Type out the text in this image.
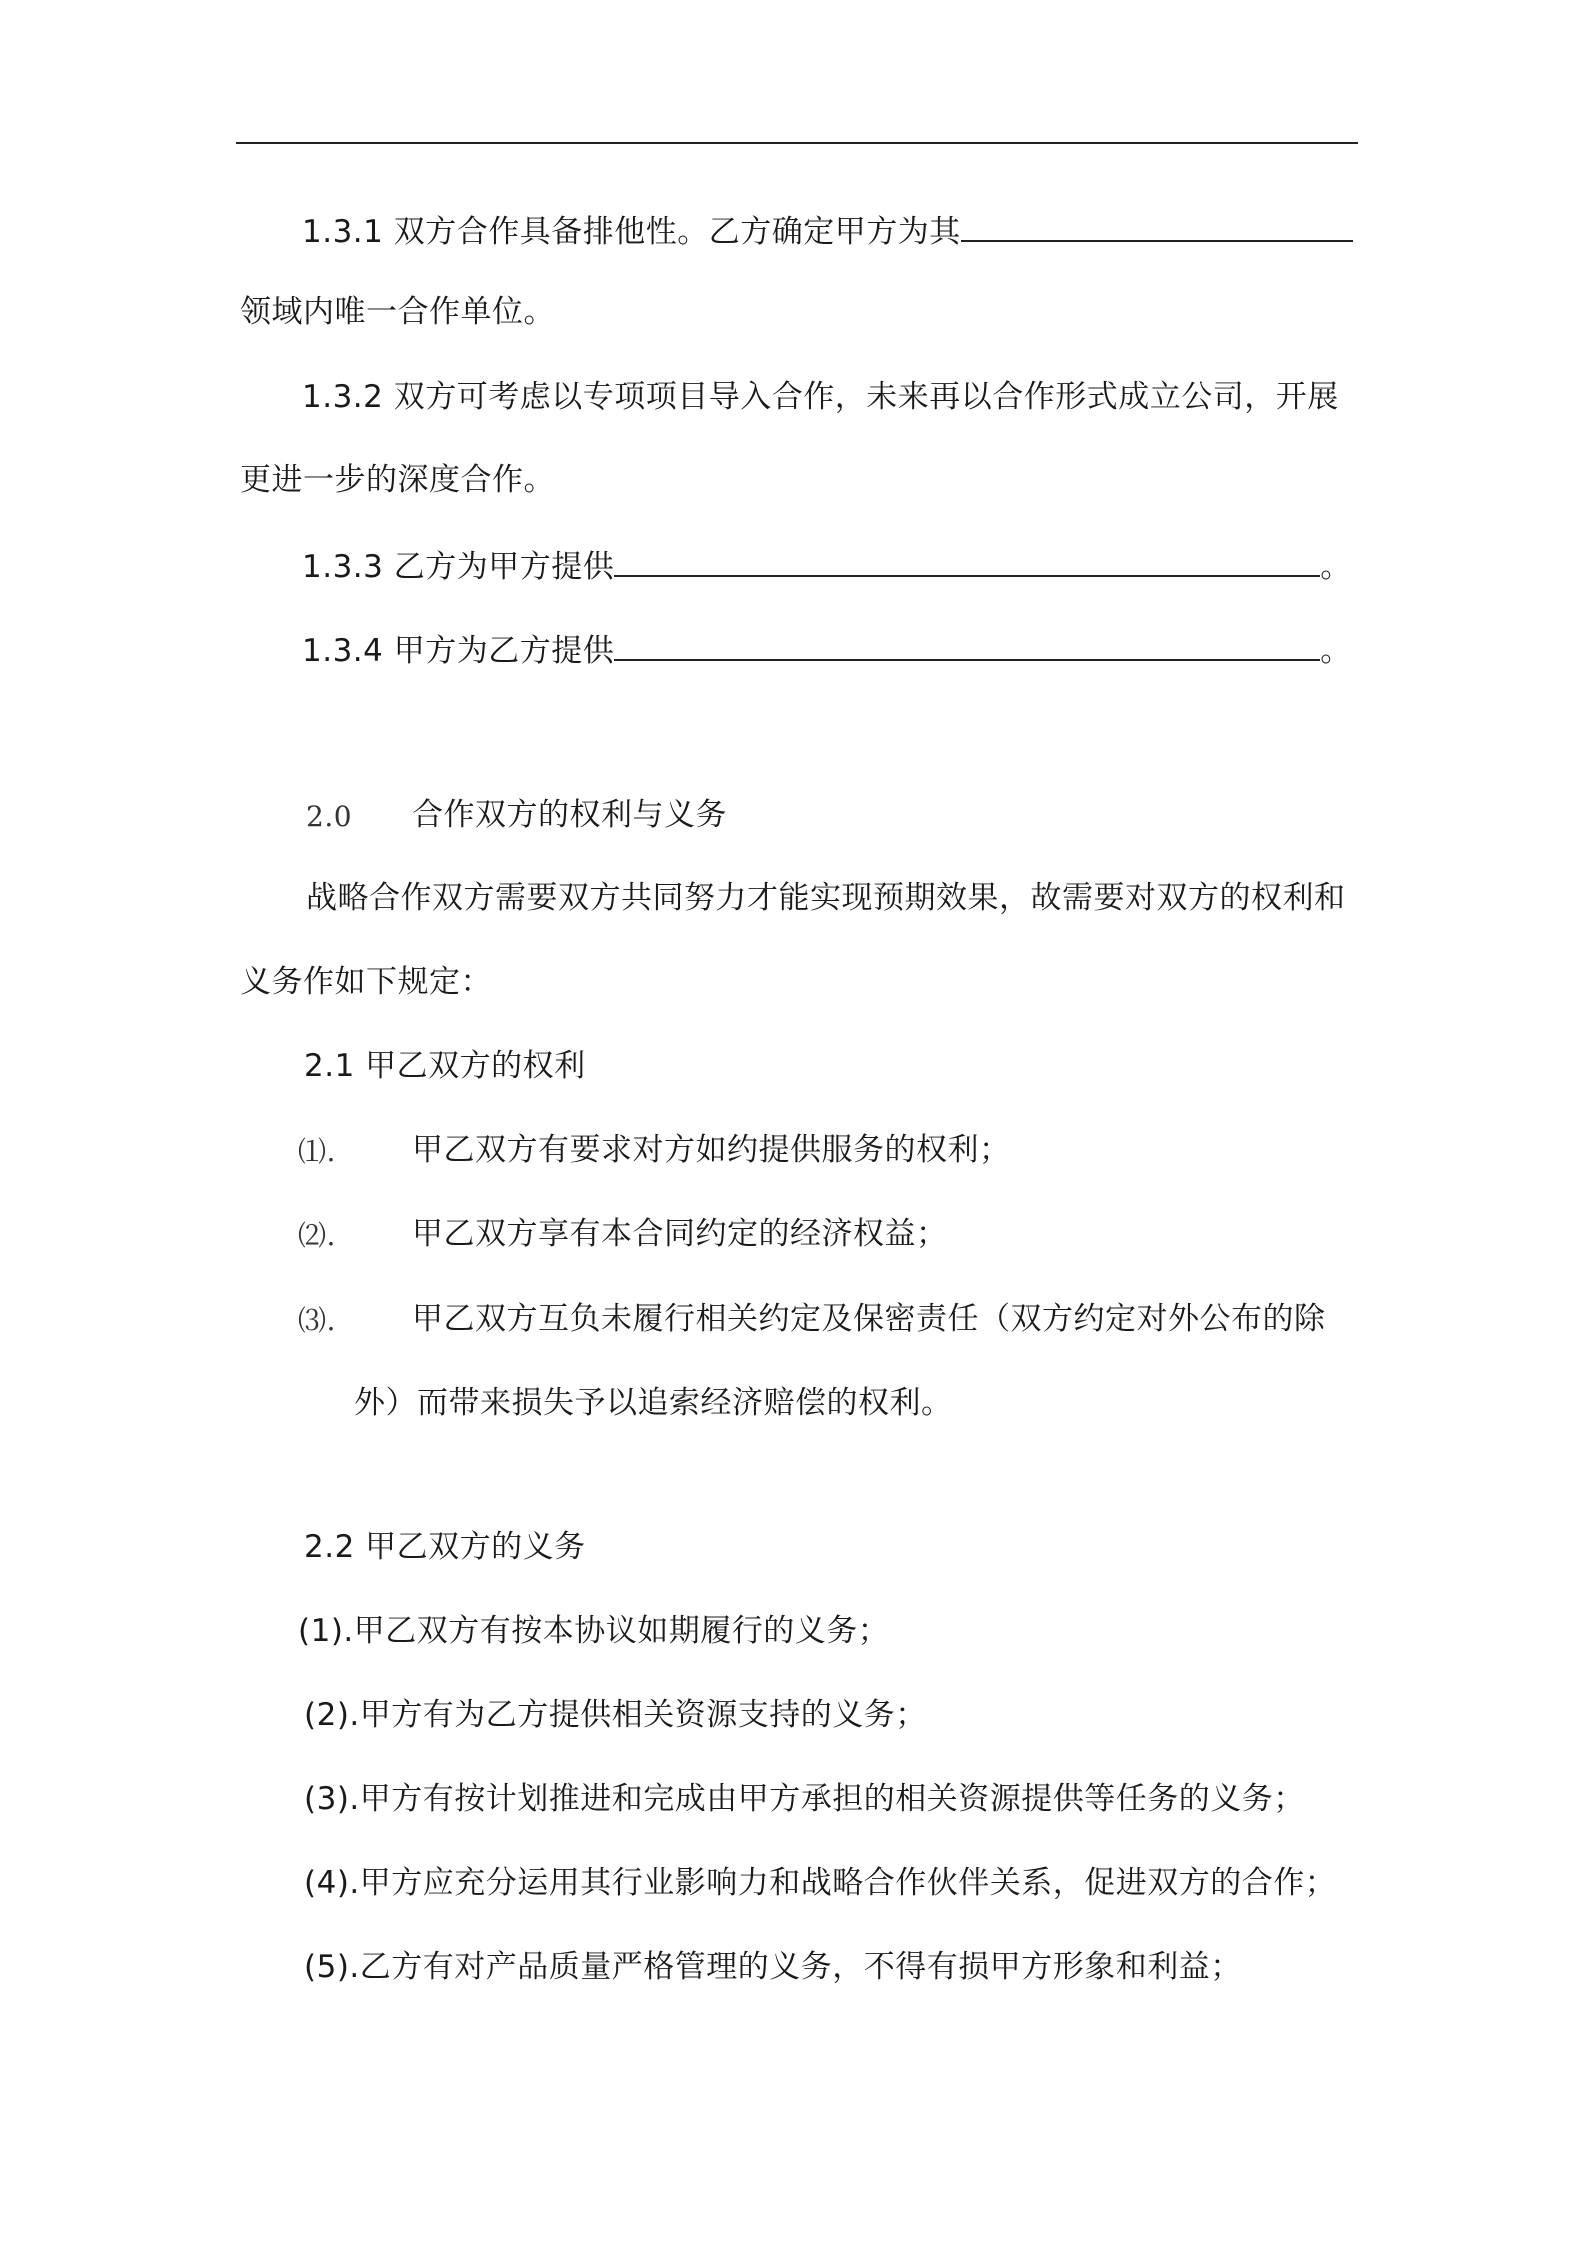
1.3.1 双方合作具备排他性。乙方确定甲方为其
领域内唯一合作单位。
1.3.2 双方可考虑以专项项目导入合作，未来再以合作形式成立公司，开展
更进一步的深度合作。
1.3.3 乙方为甲方提供	。
1.3.4 甲方为乙方提供	。
2.0 合作双方的权利与义务
战略合作双方需要双方共同努力才能实现预期效果，故需要对双方的权利和
义务作如下规定：
2.1 甲乙双方的权利
⑴. 甲乙双方有要求对方如约提供服务的权利；
⑵. 甲乙双方享有本合同约定的经济权益；
⑶. 甲乙双方互负未履行相关约定及保密责任（双方约定对外公布的除
外）而带来损失予以追索经济赔偿的权利。
2.2 甲乙双方的义务
(1).甲乙双方有按本协议如期履行的义务；
(2).甲方有为乙方提供相关资源支持的义务；
(3).甲方有按计划推进和完成由甲方承担的相关资源提供等任务的义务；
(4).甲方应充分运用其行业影响力和战略合作伙伴关系，促进双方的合作；
(5).乙方有对产品质量严格管理的义务，不得有损甲方形象和利益；
